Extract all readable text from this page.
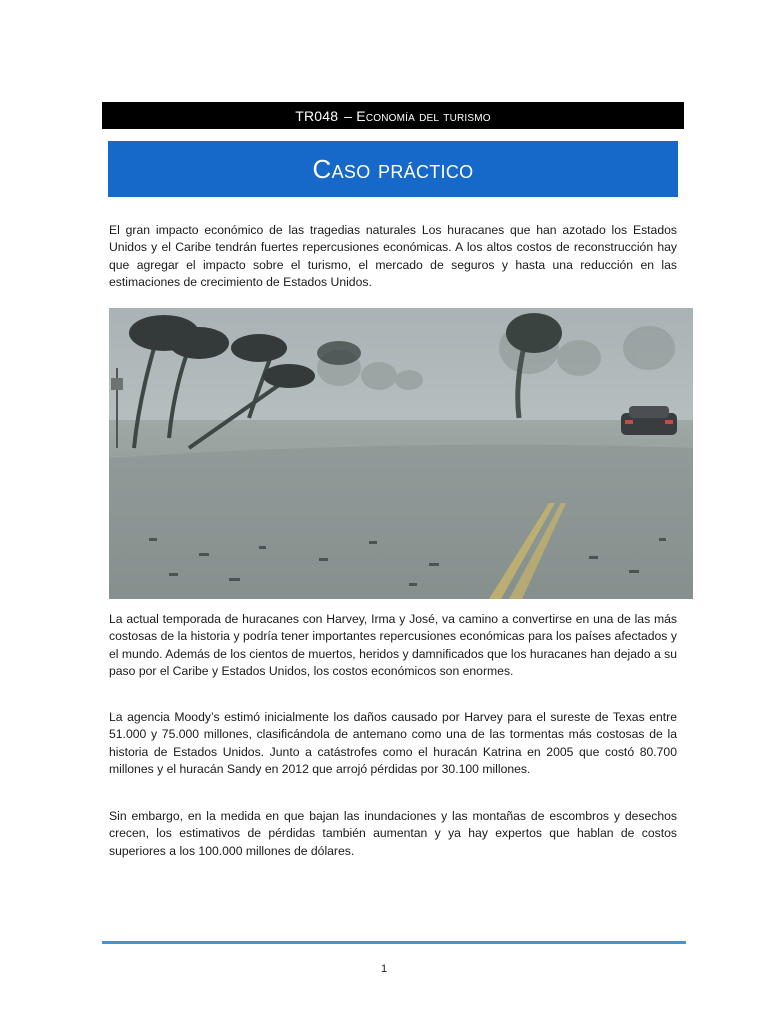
TR048 – Economía del turismo
Caso práctico

El gran impacto económico de las tragedias naturales Los huracanes que han azotado los Estados Unidos y el Caribe tendrán fuertes repercusiones económicas. A los altos costos de reconstrucción hay que agregar el impacto sobre el turismo, el mercado de seguros y hasta una reducción en las estimaciones de crecimiento de Estados Unidos.

La actual temporada de huracanes con Harvey, Irma y José, va camino a convertirse en una de las más costosas de la historia y podría tener importantes repercusiones económicas para los países afectados y el mundo. Además de los cientos de muertos, heridos y damnificados que los huracanes han dejado a su paso por el Caribe y Estados Unidos, los costos económicos son enormes.

La agencia Moody’s estimó inicialmente los daños causado por Harvey para el sureste de Texas entre 51.000 y 75.000 millones, clasificándola de antemano como una de las tormentas más costosas de la historia de Estados Unidos. Junto a catástrofes como el huracán Katrina en 2005 que costó 80.700 millones y el huracán Sandy en 2012 que arrojó pérdidas por 30.100 millones.

Sin embargo, en la medida en que bajan las inundaciones y las montañas de escombros y desechos crecen, los estimativos de pérdidas también aumentan y ya hay expertos que hablan de costos superiores a los 100.000 millones de dólares.

1
